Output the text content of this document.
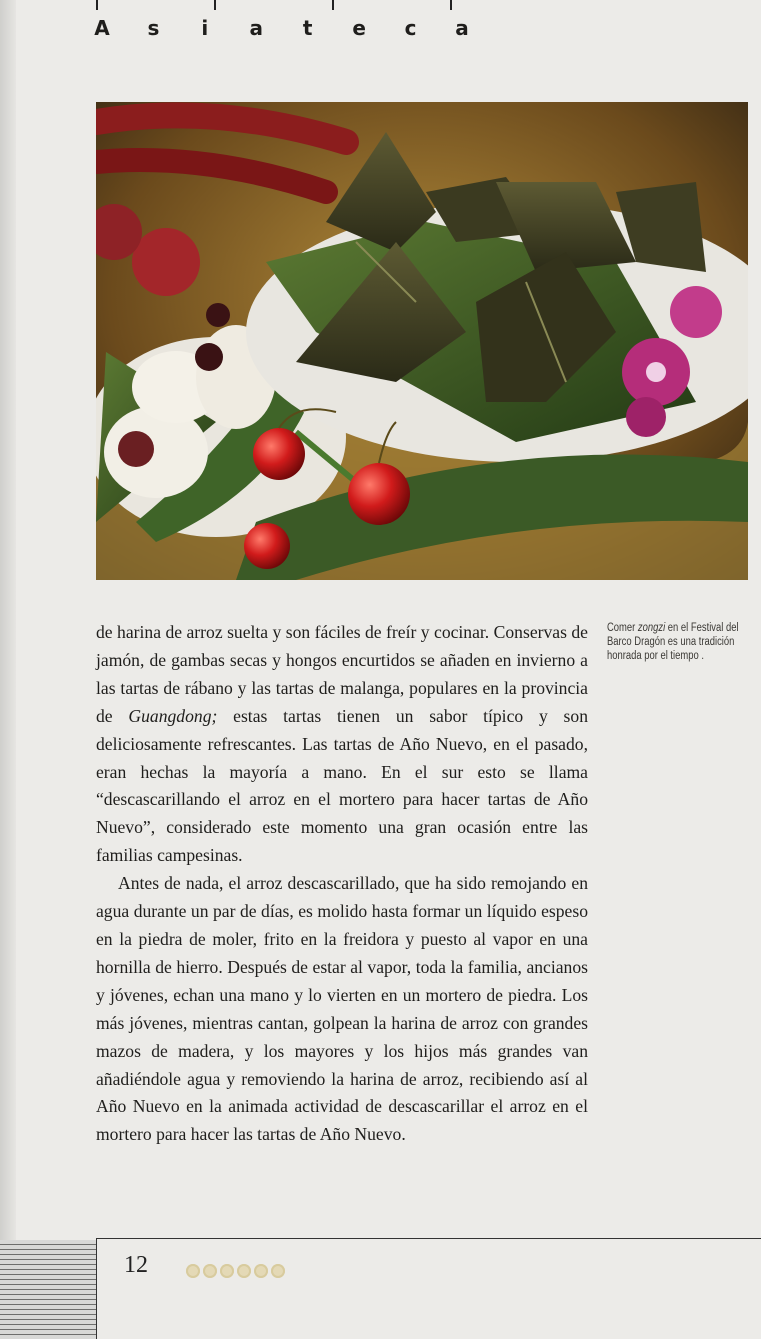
A s	i	a t e c a

de harina de arroz suelta y son fáciles de freír y cocinar. Conservas de jamón, de gambas secas y hongos encurtidos se añaden en invierno a las tartas de rábano y las tartas de malanga, populares en la provincia de Guangdong; estas tartas tienen un sabor típico y son deliciosamente refrescantes. Las tartas de Año Nuevo, en el pasado, eran hechas la mayoría a mano. En el sur esto se llama “descascarillando el arroz en el mortero para hacer tartas de Año Nuevo”, considerado este momento una gran ocasión entre las familias campesinas.

Antes de nada, el arroz descascarillado, que ha sido remojando en agua durante un par de días, es molido hasta formar un líquido espeso en la piedra de moler, frito en la freidora y puesto al vapor en una hornilla de hierro. Después de estar al vapor, toda la familia, ancianos y jóvenes, echan una mano y lo vierten en un mortero de piedra. Los más jóvenes, mientras cantan, golpean la harina de arroz con grandes mazos de madera, y los mayores y los hijos más grandes van añadiéndole agua y removiendo la harina de arroz, recibiendo así al Año Nuevo en la animada actividad de descascarillar el arroz en el mortero para hacer las tartas de Año Nuevo.

Comer zongzi en el Festival del Barco Dragón es una tradición honrada por el tiempo .
12
